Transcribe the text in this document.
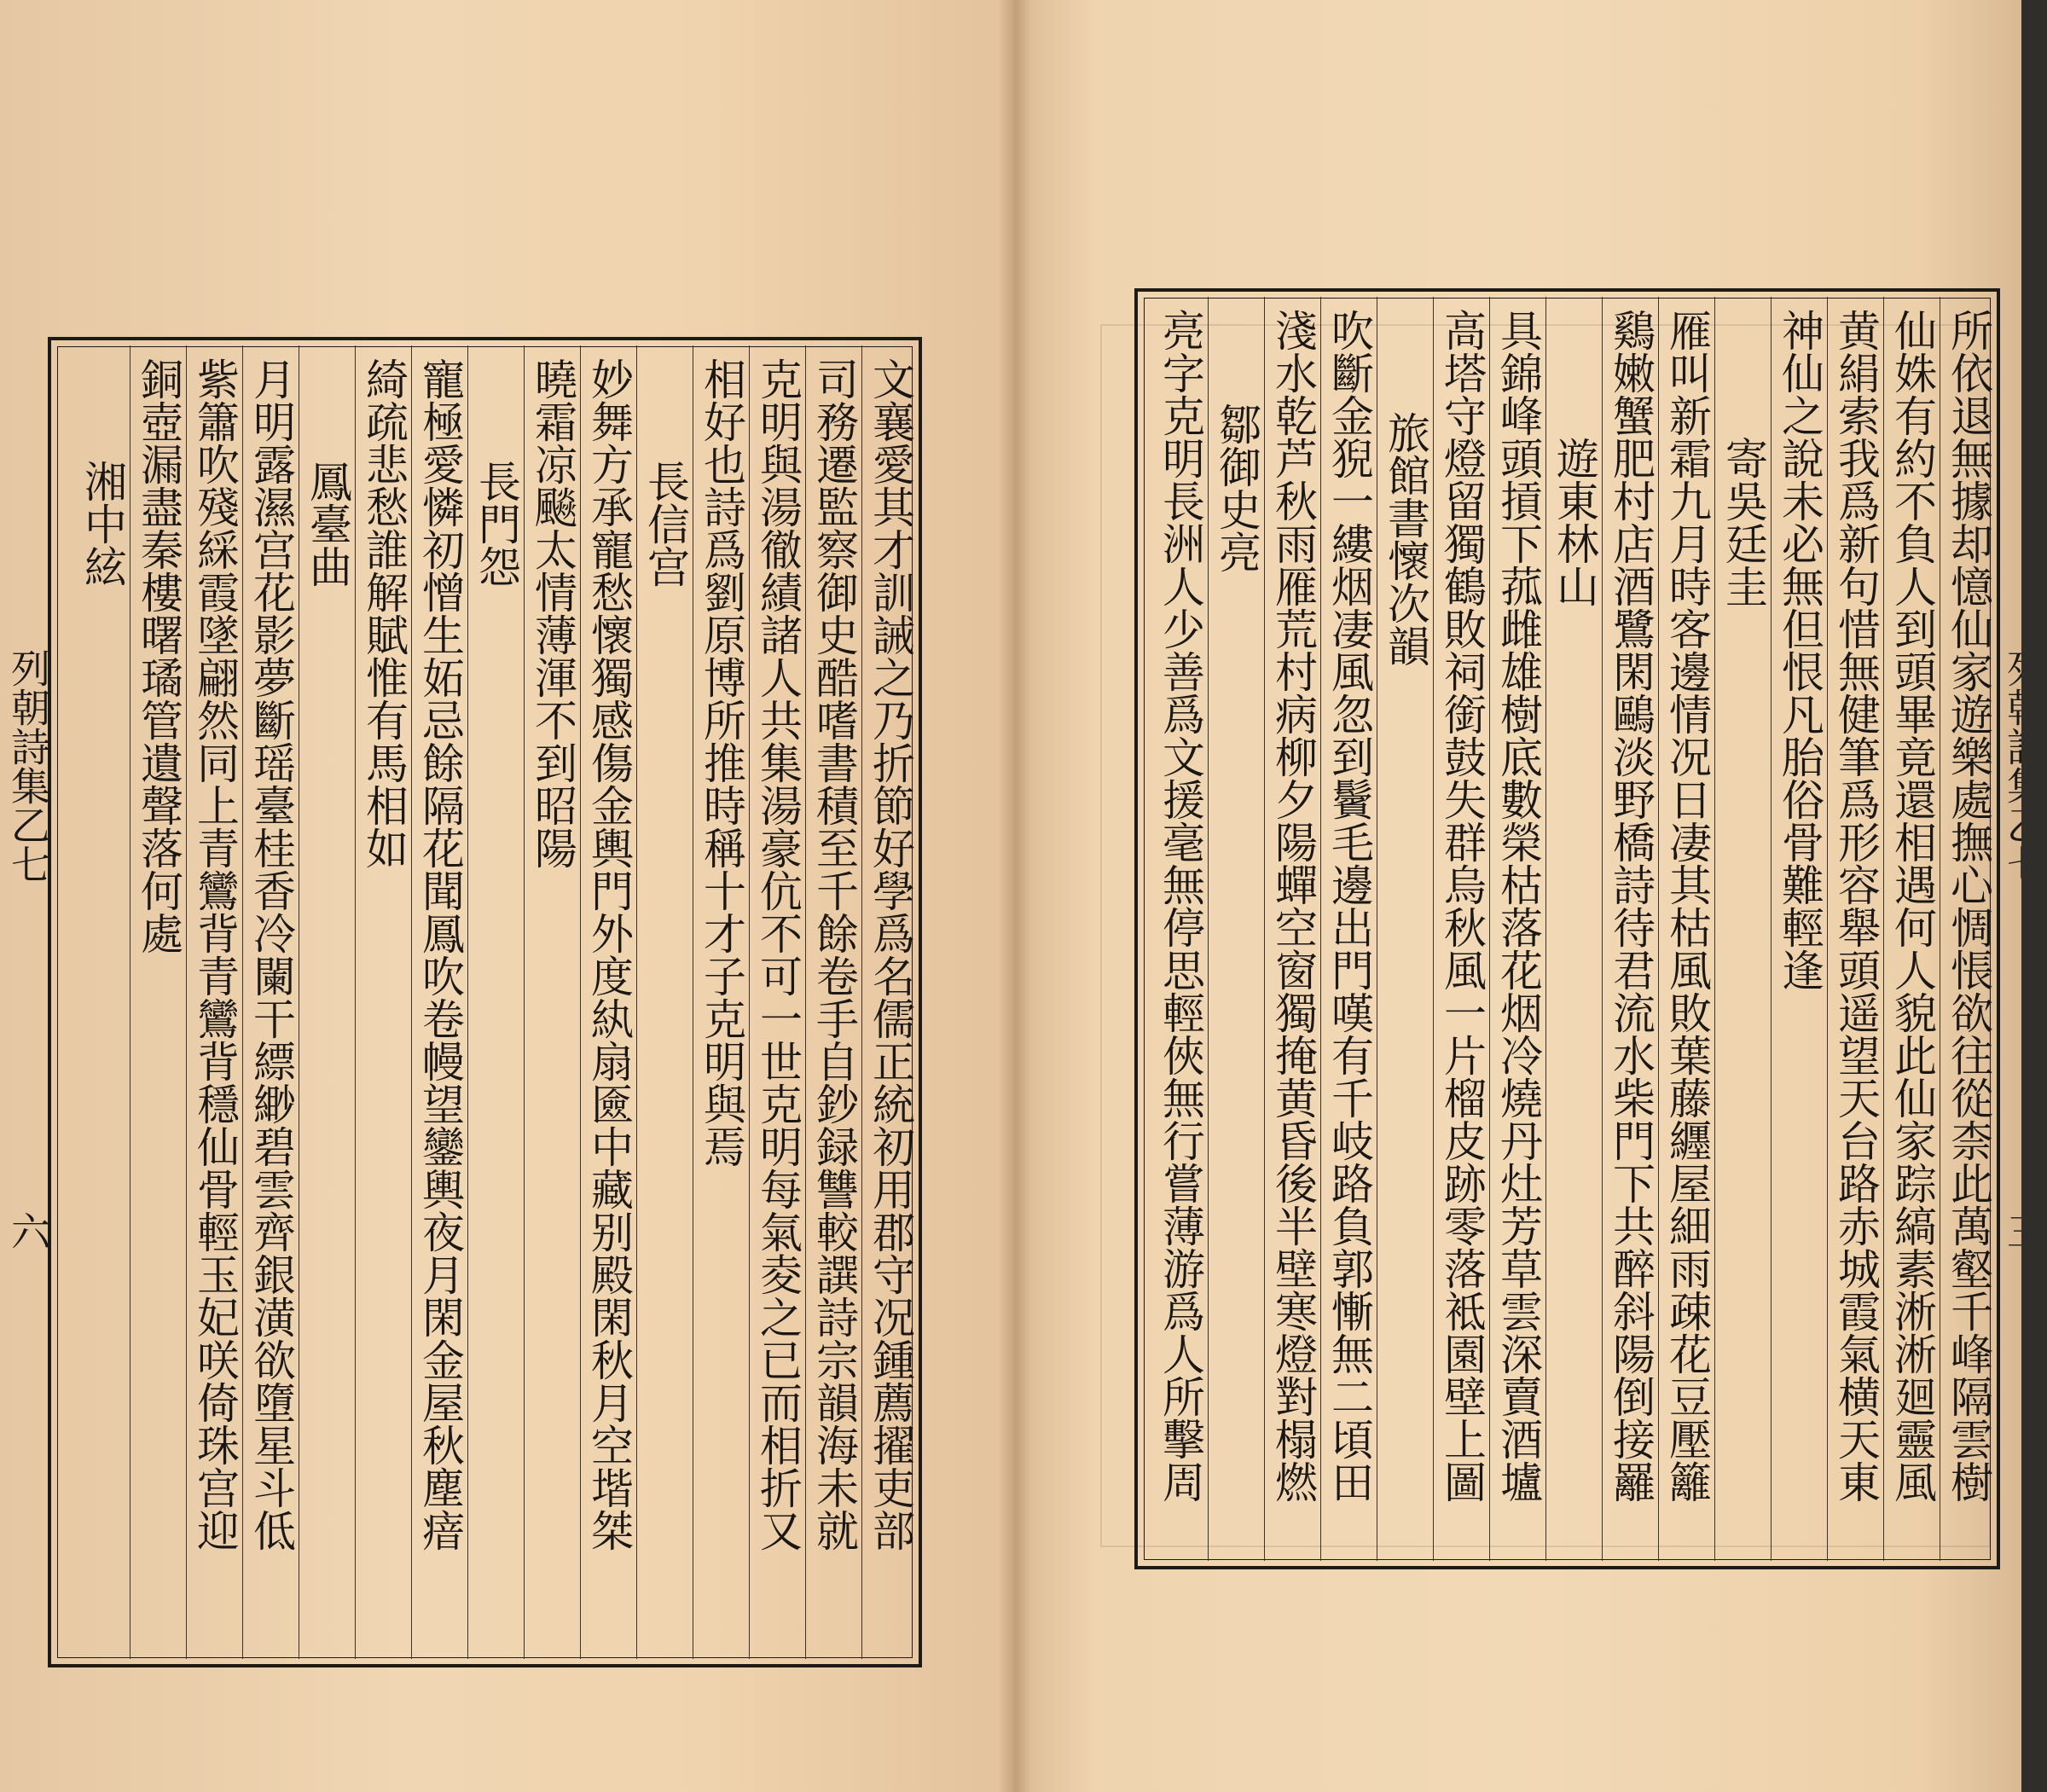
文襄愛其才訓誡之乃折節好學爲名儒正統初用郡守况鍾薦擢吏部
司務遷監察御史酷嗜書積至千餘卷手自鈔録讐較譔詩宗韻海未就
克明與湯徹績諸人共集湯豪伉不可一世克明每氣夌之已而相折又
相好也詩爲劉原博所推時稱十才子克明與焉
長信宫
妙舞方承寵愁懷獨感傷金輿門外度紈扇匳中藏别殿閑秋月空堦桀
曉霜凉飈太情薄渾不到昭陽
長門怨
寵極愛憐初憎生妬忌餘隔花聞鳳吹卷幔望鑾輿夜月閑金屋秋塵瘖
綺疏悲愁誰解賦惟有馬相如
鳳臺曲
月明露濕宫花影夢斷瑶臺桂香冷闌干縹緲碧雲齊銀潢欲墮星斗低
紫簫吹殘綵霞墜翩然同上青鸞背青鸞背穩仙骨輕玉妃咲倚珠宫迎
銅壺漏盡秦樓曙璚管遺聲落何處
湘中絃
列朝詩集乙七
六	所依退無據却憶仙家遊樂處撫心惆悵欲往從柰此萬壑千峰隔雲樹
仙姝有約不負人到頭畢竟還相遇何人貌此仙家踪縞素淅淅廻靈風
黄絹索我爲新句惜無健筆爲形容舉頭遥望天台路赤城霞氣横天東
神仙之說未必無但恨凡胎俗骨難輕逢
寄吳廷圭
雁叫新霜九月時客邊情况日凄其枯風敗葉藤纒屋細雨疎花豆壓籬
鷄嫩蟹肥村店酒鷺閑鷗淡野橋詩待君流水柴門下共醉斜陽倒接䍦
遊東林山
具錦峰頭摃下菰雌雄樹底數榮枯落花烟冷燒丹灶芳草雲深賣酒壚
高塔守燈留獨鶴敗祠銜鼓失群烏秋風一片榴皮跡零落袛園壁上圖
旅館書懷次韻
吹斷金猊一縷烟凄風忽到鬢毛邊出門嘆有千岐路負郭慚無二頃田
淺水乾芦秋雨雁荒村病柳夕陽蟬空窗獨掩黄昏後半壁寒燈對榻燃
鄒御史亮
亮字克明長洲人少善爲文援毫無停思輕俠無行嘗薄游爲人所擊周
